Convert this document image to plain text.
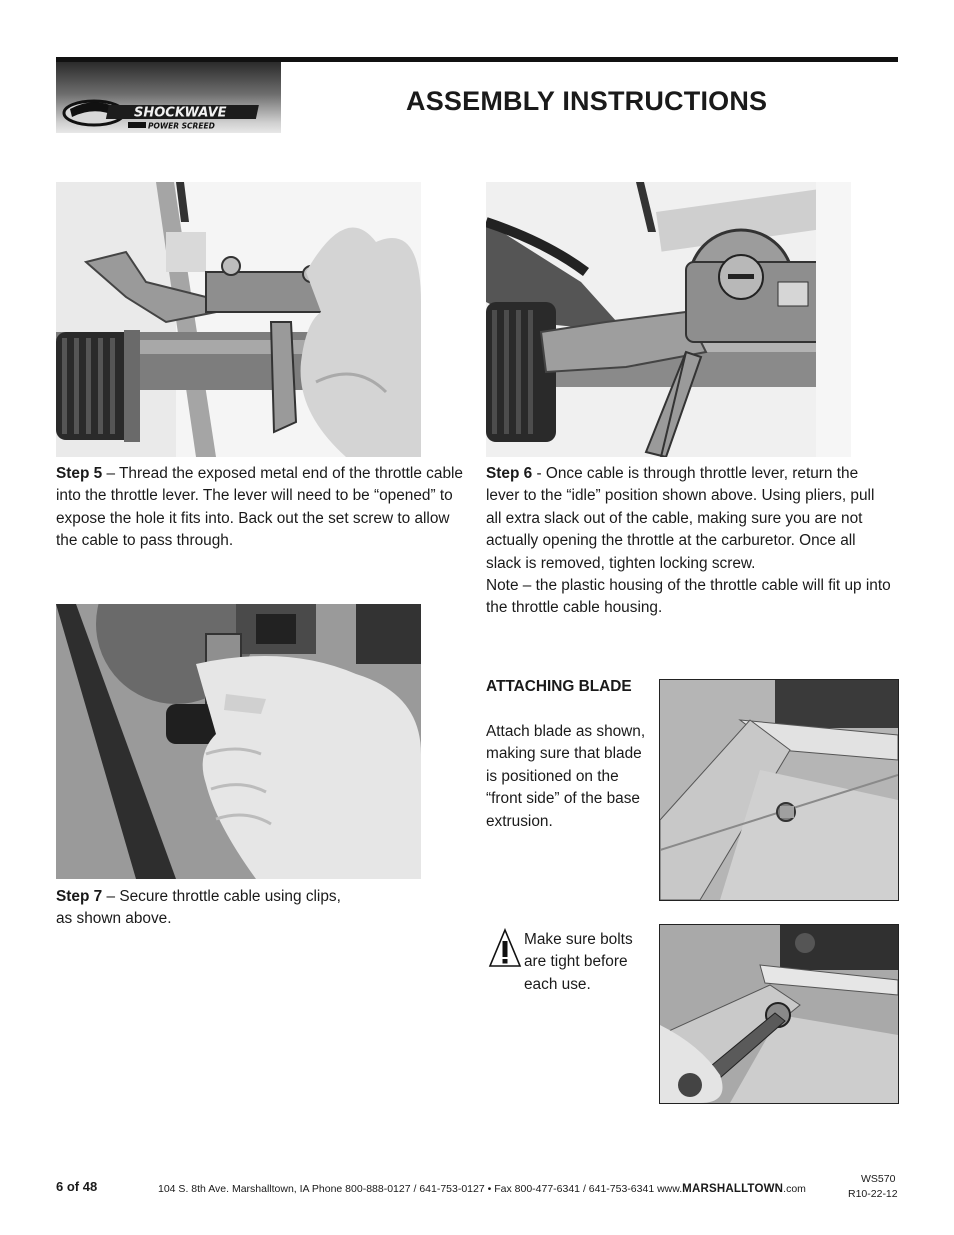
SHOCKWAVE
POWER SCREED
ASSEMBLY INSTRUCTIONS

Step 5 – Thread the exposed metal end of the throttle cable

into the throttle lever. The lever will need to be “opened” to

expose the hole it fits into. Back out the set screw to allow

the cable to pass through.

Step 6 - Once cable is through throttle lever, return the

lever to the “idle” position shown above. Using pliers, pull

all extra slack out of the cable, making sure you are not

actually opening the throttle at the carburetor. Once all

slack is removed, tighten locking screw.

Note – the plastic housing of the throttle cable will fit up into

the throttle cable housing.

Step 7 – Secure throttle cable using clips,

as shown above.

ATTACHING BLADE

Attach blade as shown,

making sure that blade

is positioned on the

“front side” of the base

extrusion.

Make sure bolts

are tight before

each use.

6 of 48	104 S. 8th Ave. Marshalltown, IA Phone 800-888-0127 / 641-753-0127 • Fax 800-477-6341 / 641-753-6341 www.MARSHALLTOWN.com
WS570
R10-22-12
